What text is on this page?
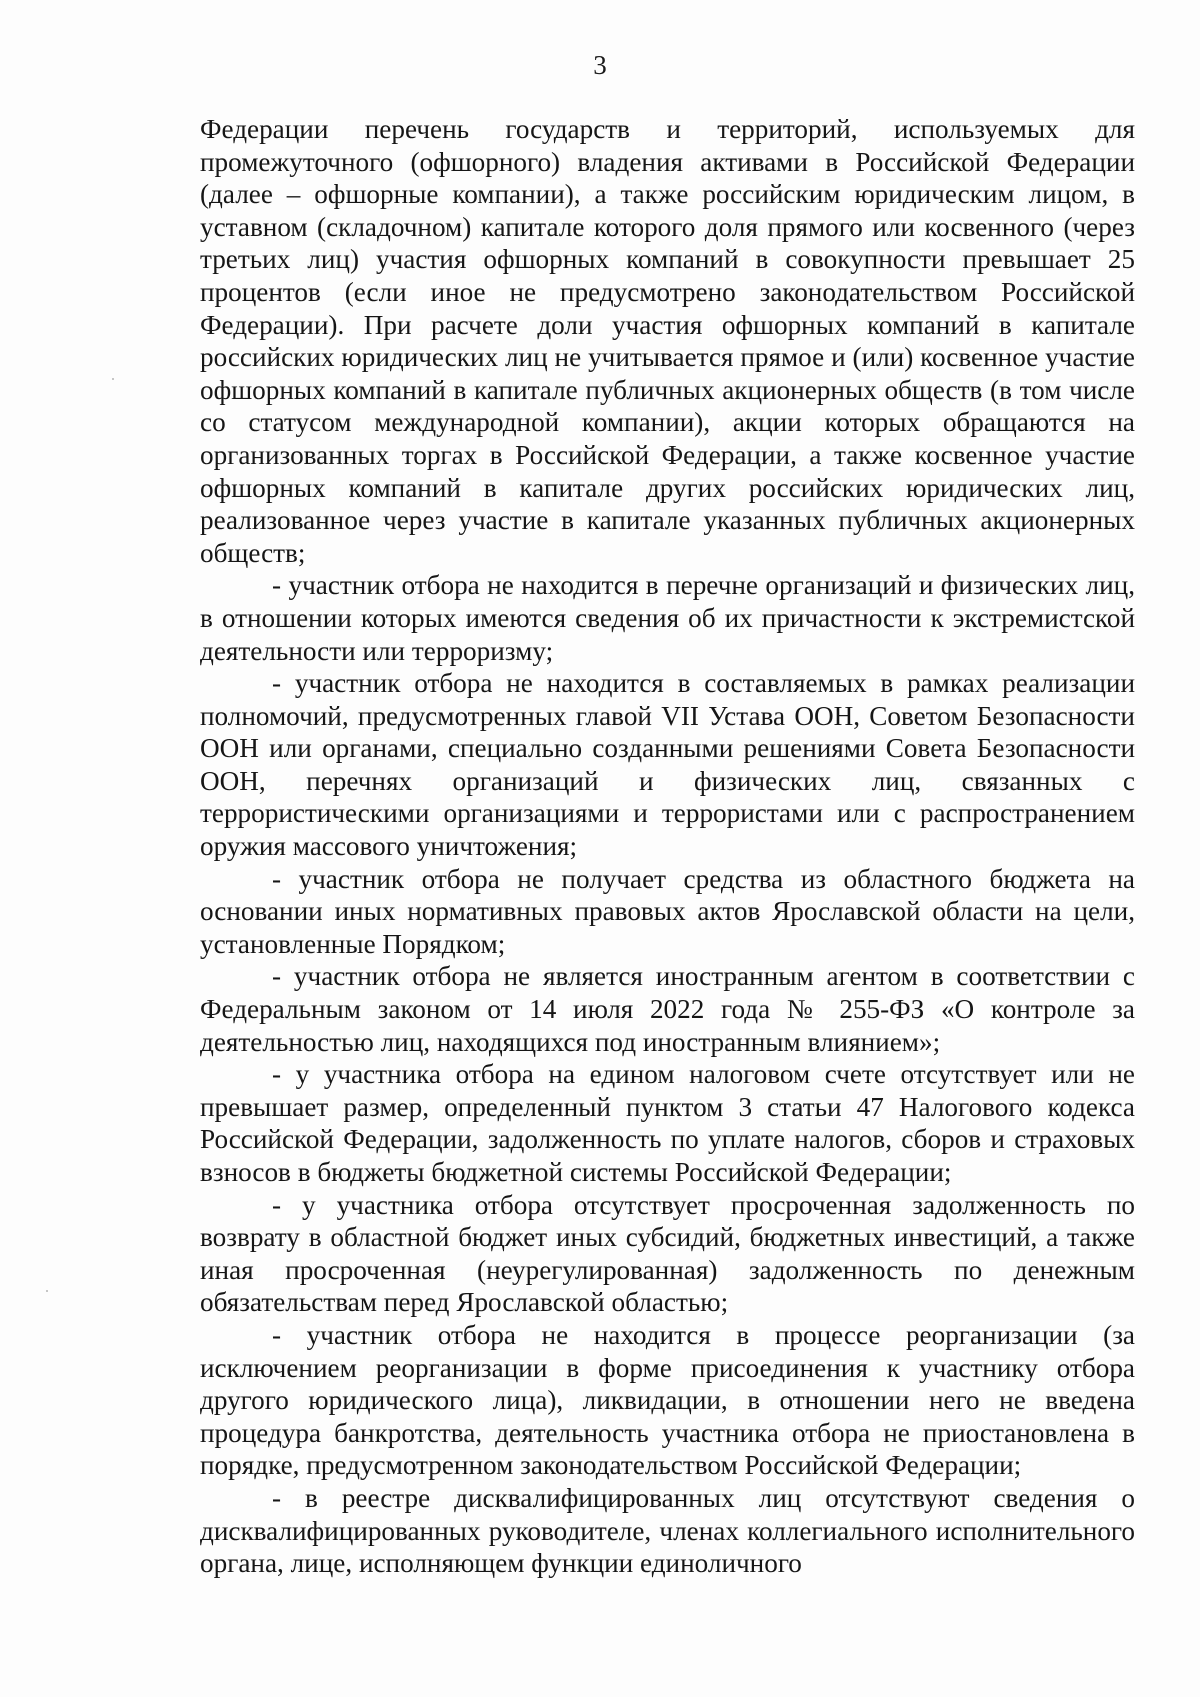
3

Федерации перечень государств и территорий, используемых для промежуточного (офшорного) владения активами в Российской Федерации (далее – офшорные компании), а также российским юридическим лицом, в уставном (складочном) капитале которого доля прямого или косвенного (через третьих лиц) участия офшорных компаний в совокупности превышает 25 процентов (если иное не предусмотрено законодательством Российской Федерации). При расчете доли участия офшорных компаний в капитале российских юридических лиц не учитывается прямое и (или) косвенное участие офшорных компаний в капитале публичных акционерных обществ (в том числе со статусом международной компании), акции которых обращаются на организованных торгах в Российской Федерации, а также косвенное участие офшорных компаний в капитале других российских юридических лиц, реализованное через участие в капитале указанных публичных акционерных обществ;

- участник отбора не находится в перечне организаций и физических лиц, в отношении которых имеются сведения об их причастности к экстремистской деятельности или терроризму;

- участник отбора не находится в составляемых в рамках реализации полномочий, предусмотренных главой VII Устава ООН, Советом Безопасности ООН или органами, специально созданными решениями Совета Безопасности ООН, перечнях организаций и физических лиц, связанных с террористическими организациями и террористами или с распространением оружия массового уничтожения;

- участник отбора не получает средства из областного бюджета на основании иных нормативных правовых актов Ярославской области на цели, установленные Порядком;

- участник отбора не является иностранным агентом в соответствии с Федеральным законом от 14 июля 2022 года № 255-ФЗ «О контроле за деятельностью лиц, находящихся под иностранным влиянием»;

- у участника отбора на едином налоговом счете отсутствует или не превышает размер, определенный пунктом 3 статьи 47 Налогового кодекса Российской Федерации, задолженность по уплате налогов, сборов и страховых взносов в бюджеты бюджетной системы Российской Федерации;

- у участника отбора отсутствует просроченная задолженность по возврату в областной бюджет иных субсидий, бюджетных инвестиций, а также иная просроченная (неурегулированная) задолженность по денежным обязательствам перед Ярославской областью;

- участник отбора не находится в процессе реорганизации (за исключением реорганизации в форме присоединения к участнику отбора другого юридического лица), ликвидации, в отношении него не введена процедура банкротства, деятельность участника отбора не приостановлена в порядке, предусмотренном законодательством Российской Федерации;

- в реестре дисквалифицированных лиц отсутствуют сведения о дисквалифицированных руководителе, членах коллегиального исполнительного органа, лице, исполняющем функции единоличного
